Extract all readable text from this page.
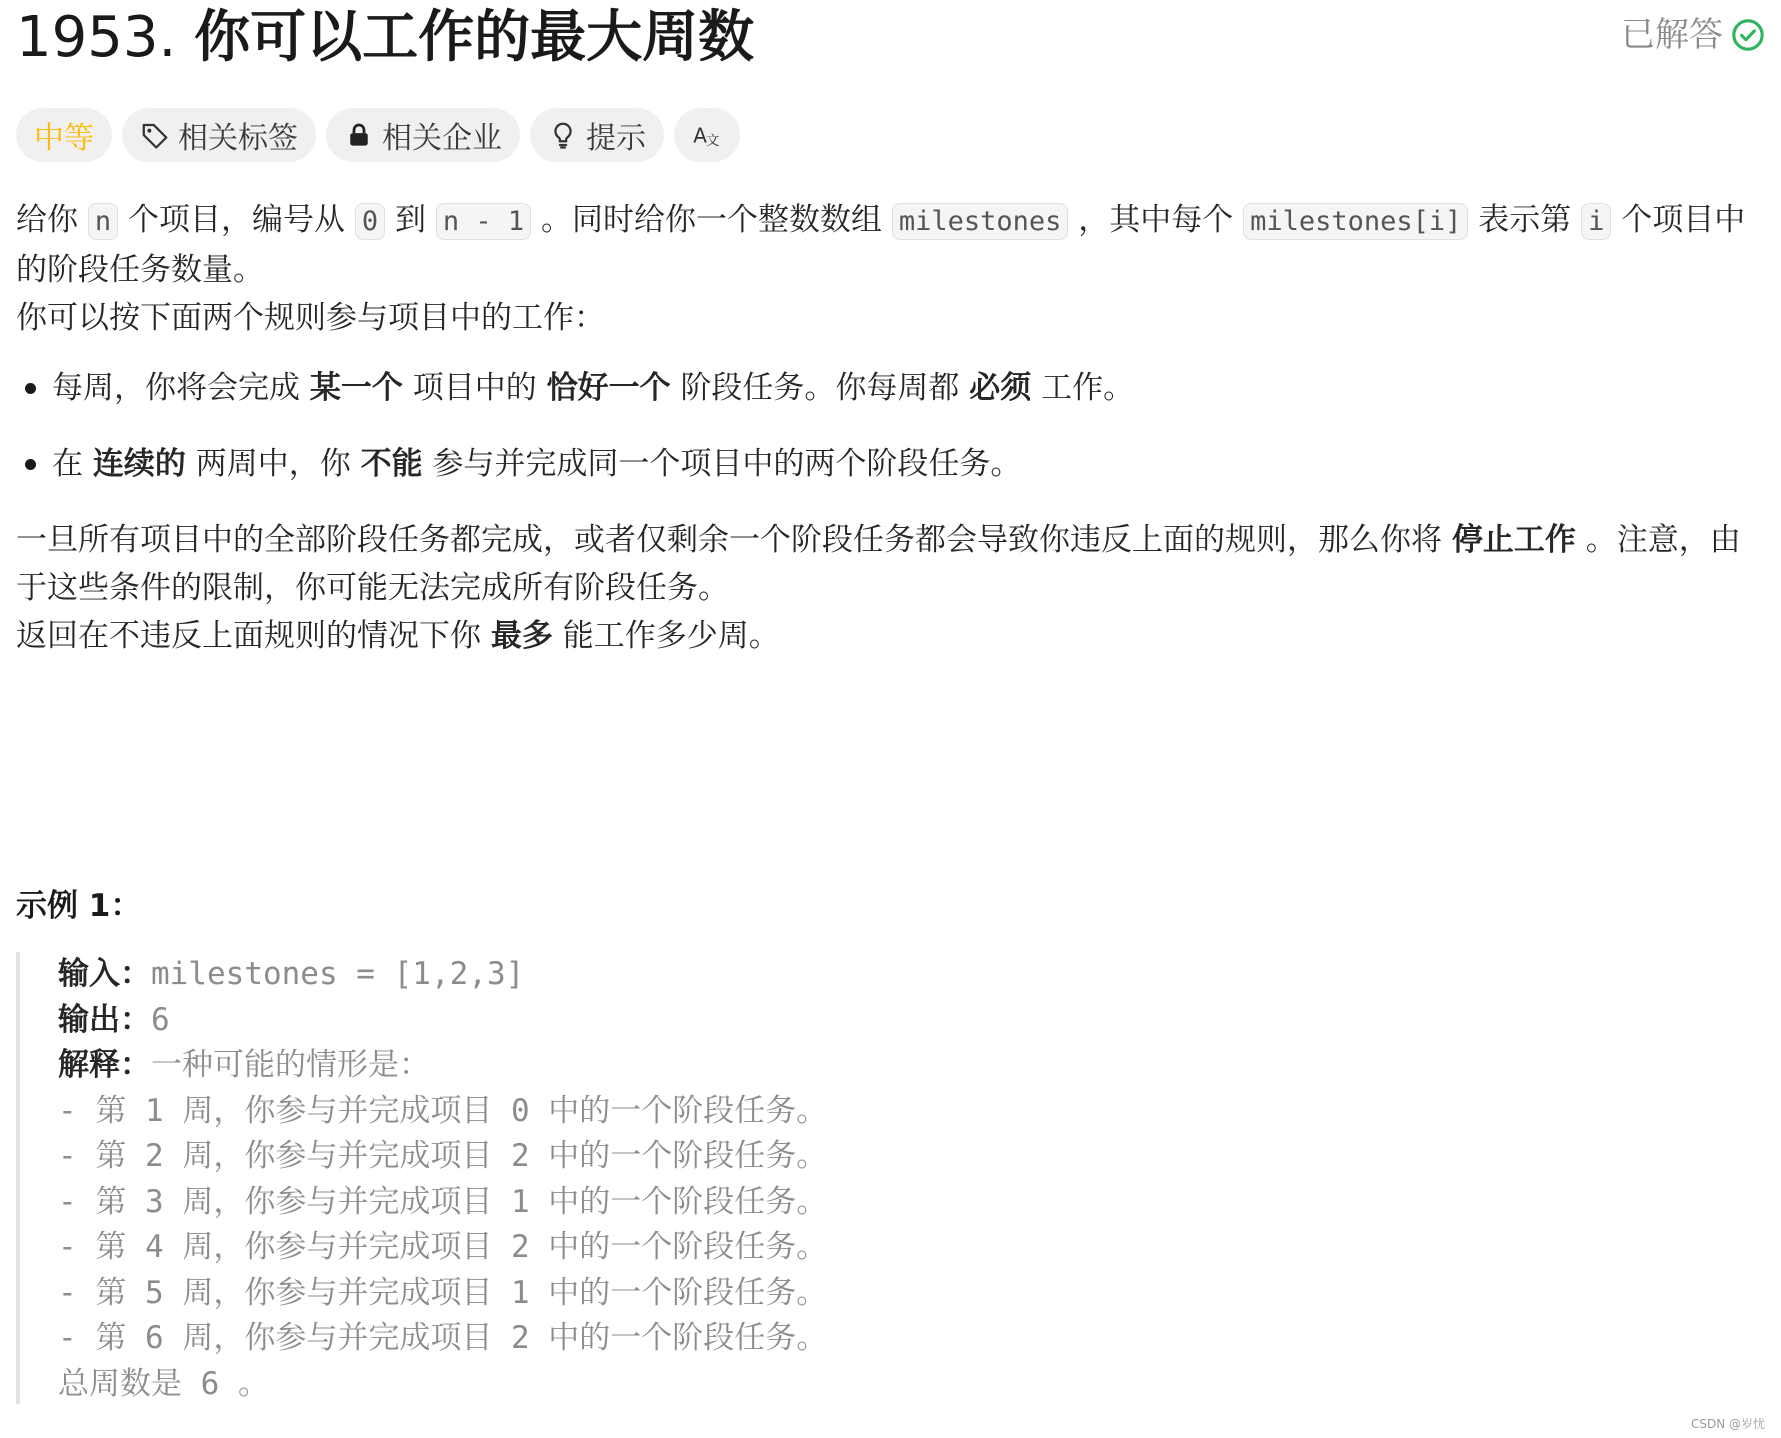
1953. 你可以工作的最大周数	已解答
中等	相关标签	相关企业	提示	A
文

给你 n 个项目，编号从 0 到 n - 1 。同时给你一个整数数组 milestones ，其中每个 milestones[i] 表示第 i 个项目中的阶段任务数量。

你可以按下面两个规则参与项目中的工作：

每周，你将会完成 某一个 项目中的 恰好一个 阶段任务。你每周都 必须 工作。
在 连续的 两周中，你 不能 参与并完成同一个项目中的两个阶段任务。

一旦所有项目中的全部阶段任务都完成，或者仅剩余一个阶段任务都会导致你违反上面的规则，那么你将 停止工作 。注意，由于这些条件的限制，你可能无法完成所有阶段任务。

返回在不违反上面规则的情况下你 最多 能工作多少周。

示例 1：
输入：milestones = [1,2,3]
输出：6
解释：一种可能的情形是：
- 第 1 周，你参与并完成项目 0 中的一个阶段任务。
- 第 2 周，你参与并完成项目 2 中的一个阶段任务。
- 第 3 周，你参与并完成项目 1 中的一个阶段任务。
- 第 4 周，你参与并完成项目 2 中的一个阶段任务。
- 第 5 周，你参与并完成项目 1 中的一个阶段任务。
- 第 6 周，你参与并完成项目 2 中的一个阶段任务。
总周数是 6 。
CSDN @岁忧
